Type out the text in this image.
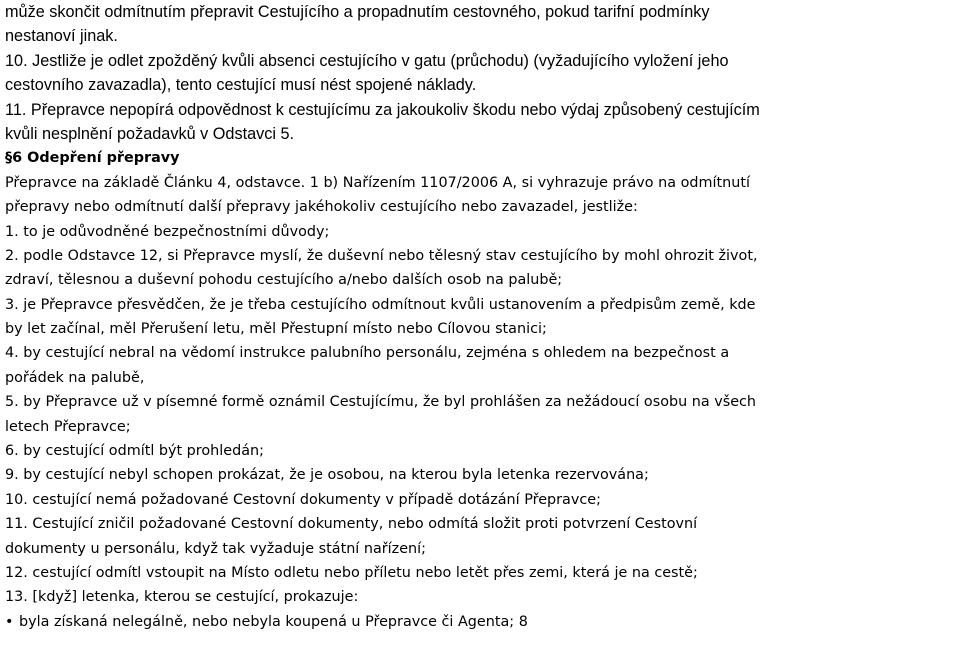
může skončit odmítnutím přepravit Cestujícího a propadnutím cestovného, pokud tarifní podmínky
nestanoví jinak.
10. Jestliže je odlet zpožděný kvůli absenci cestujícího v gatu (průchodu) (vyžadujícího vyložení jeho
cestovního zavazadla), tento cestující musí nést spojené náklady.
11. Přepravce nepopírá odpovědnost k cestujícímu za jakoukoliv škodu nebo výdaj způsobený cestujícím
kvůli nesplnění požadavků v Odstavci 5.
§6 Odepření přepravy
Přepravce na základě Článku 4, odstavce. 1 b) Nařízením 1107/2006 A, si vyhrazuje právo na odmítnutí
přepravy nebo odmítnutí další přepravy jakéhokoliv cestujícího nebo zavazadel, jestliže:
1. to je odůvodněné bezpečnostními důvody;
2. podle Odstavce 12, si Přepravce myslí, že duševní nebo tělesný stav cestujícího by mohl ohrozit život,
zdraví, tělesnou a duševní pohodu cestujícího a/nebo dalších osob na palubě;
3. je Přepravce přesvědčen, že je třeba cestujícího odmítnout kvůli ustanovením a předpisům země, kde
by let začínal, měl Přerušení letu, měl Přestupní místo nebo Cílovou stanici;
4. by cestující nebral na vědomí instrukce palubního personálu, zejména s ohledem na bezpečnost a
pořádek na palubě,
5. by Přepravce už v písemné formě oznámil Cestujícímu, že byl prohlášen za nežádoucí osobu na všech
letech Přepravce;
6. by cestující odmítl být prohledán;
9. by cestující nebyl schopen prokázat, že je osobou, na kterou byla letenka rezervována;
10. cestující nemá požadované Cestovní dokumenty v případě dotázání Přepravce;
11. Cestující zničil požadované Cestovní dokumenty, nebo odmítá složit proti potvrzení Cestovní
dokumenty u personálu, když tak vyžaduje státní nařízení;
12. cestující odmítl vstoupit na Místo odletu nebo příletu nebo letět přes zemi, která je na cestě;
13. [když] letenka, kterou se cestující, prokazuje:
• byla získaná nelegálně, nebo nebyla koupená u Přepravce či Agenta; 8
